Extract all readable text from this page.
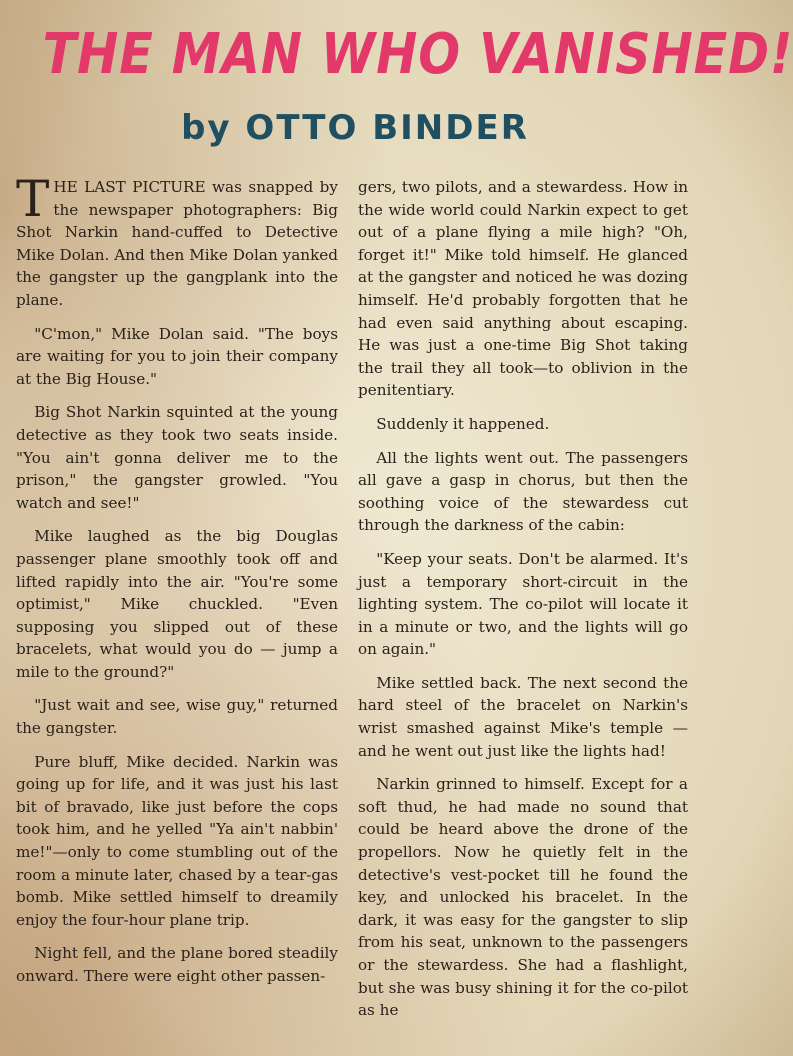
THE MAN WHO VANISHED!
by OTTO BINDER

THE LAST PICTURE was snapped by the newspaper photographers: Big Shot Narkin hand-cuffed to Detective Mike Dolan. And then Mike Dolan yanked the gangster up the gangplank into the plane.

"C'mon," Mike Dolan said. "The boys are waiting for you to join their company at the Big House."

Big Shot Narkin squinted at the young detective as they took two seats inside. "You ain't gonna deliver me to the prison," the gangster growled. "You watch and see!"

Mike laughed as the big Douglas passenger plane smoothly took off and lifted rapidly into the air. "You're some optimist," Mike chuckled. "Even supposing you slipped out of these bracelets, what would you do — jump a mile to the ground?"

"Just wait and see, wise guy," returned the gangster.

Pure bluff, Mike decided. Narkin was going up for life, and it was just his last bit of bravado, like just before the cops took him, and he yelled "Ya ain't nabbin' me!"—only to come stumbling out of the room a minute later, chased by a tear-gas bomb. Mike settled himself to dreamily enjoy the four-hour plane trip.

Night fell, and the plane bored steadily onward. There were eight other passen-

gers, two pilots, and a stewardess. How in the wide world could Narkin expect to get out of a plane flying a mile high? "Oh, forget it!" Mike told himself. He glanced at the gangster and noticed he was dozing himself. He'd probably forgotten that he had even said anything about escaping. He was just a one-time Big Shot taking the trail they all took—to oblivion in the penitentiary.

Suddenly it happened.

All the lights went out. The passengers all gave a gasp in chorus, but then the soothing voice of the stewardess cut through the darkness of the cabin:

"Keep your seats. Don't be alarmed. It's just a temporary short-circuit in the lighting system. The co-pilot will locate it in a minute or two, and the lights will go on again."

Mike settled back. The next second the hard steel of the bracelet on Narkin's wrist smashed against Mike's temple — and he went out just like the lights had!

Narkin grinned to himself. Except for a soft thud, he had made no sound that could be heard above the drone of the propellors. Now he quietly felt in the detective's vest-pocket till he found the key, and unlocked his bracelet. In the dark, it was easy for the gangster to slip from his seat, unknown to the passengers or the stewardess. She had a flashlight, but she was busy shining it for the co-pilot as he
